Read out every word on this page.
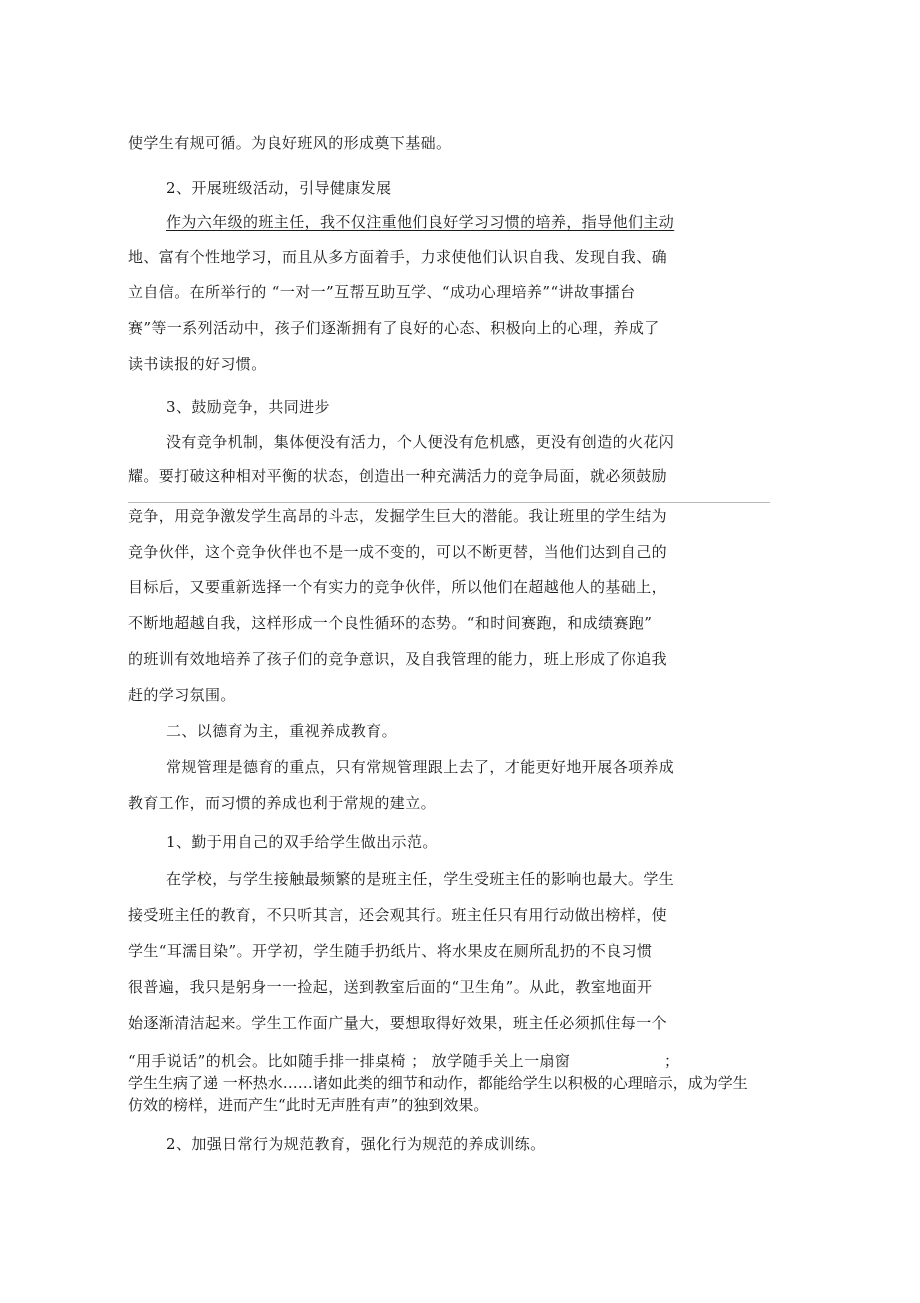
使学生有规可循。为良好班风的形成奠下基础。
2、开展班级活动，引导健康发展
作为六年级的班主任，我不仅注重他们良好学习习惯的培养，指导他们主动
地、富有个性地学习，而且从多方面着手，力求使他们认识自我、发现自我、确
立自信。在所举行的 “一对一”互帮互助互学、“成功心理培养”“讲故事擂台
赛”等一系列活动中，孩子们逐渐拥有了良好的心态、积极向上的心理，养成了
读书读报的好习惯。
3、鼓励竞争，共同进步
没有竞争机制，集体便没有活力，个人便没有危机感，更没有创造的火花闪
耀。要打破这种相对平衡的状态，创造出一种充满活力的竞争局面，就必须鼓励
竞争，用竞争激发学生高昂的斗志，发掘学生巨大的潜能。我让班里的学生结为
竞争伙伴，这个竞争伙伴也不是一成不变的，可以不断更替，当他们达到自己的
目标后，又要重新选择一个有实力的竞争伙伴，所以他们在超越他人的基础上，
不断地超越自我，这样形成一个良性循环的态势。“和时间赛跑，和成绩赛跑”
的班训有效地培养了孩子们的竞争意识，及自我管理的能力，班上形成了你追我
赶的学习氛围。
二、以德育为主，重视养成教育。
常规管理是德育的重点，只有常规管理跟上去了，才能更好地开展各项养成
教育工作，而习惯的养成也利于常规的建立。
1、勤于用自己的双手给学生做出示范。
在学校，与学生接触最频繁的是班主任，学生受班主任的影响也最大。学生
接受班主任的教育，不只听其言，还会观其行。班主任只有用行动做出榜样，使
学生“耳濡目染”。开学初，学生随手扔纸片、将水果皮在厕所乱扔的不良习惯
很普遍，我只是躬身一一捡起，送到教室后面的“卫生角”。从此，教室地面开
始逐渐清洁起来。学生工作面广量大，要想取得好效果，班主任必须抓住每一个
“用手说话”的机会。比如随手排一排桌椅 ； 放学随手关上一扇窗	；
学生生病了递 一杯热水……诸如此类的细节和动作，都能给学生以积极的心理暗示，成为学生
仿效的榜样，进而产生“此时无声胜有声”的独到效果。
2、加强日常行为规范教育，强化行为规范的养成训练。
